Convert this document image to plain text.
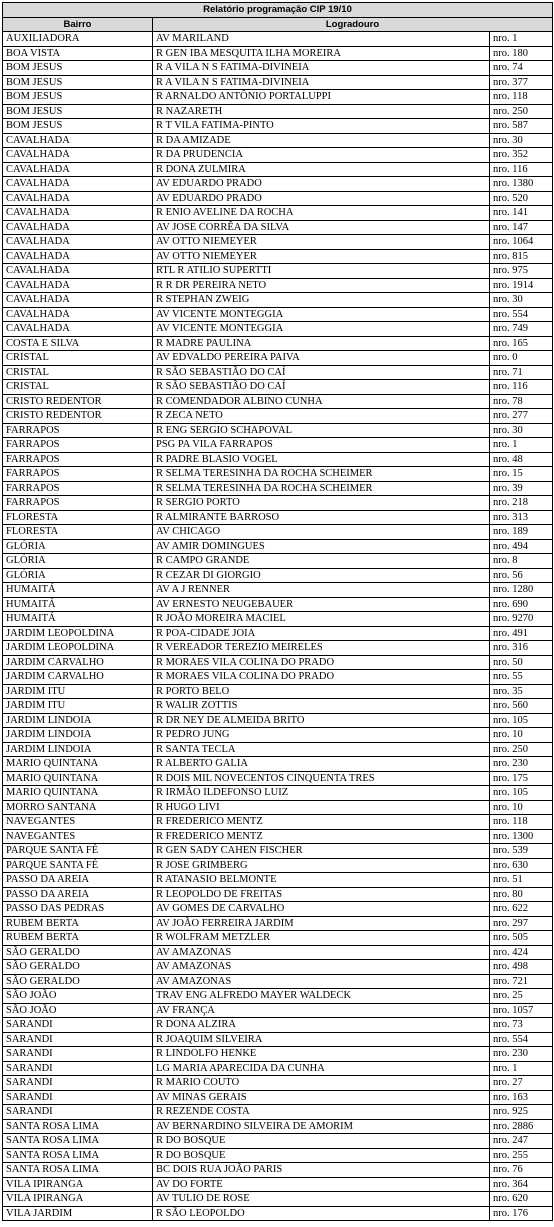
Relatório programação CIP 19/10		
Bairro	Logradouro	
AUXILIADORA	AV MARILAND	nro. 1
BOA VISTA	R GEN IBA MESQUITA ILHA MOREIRA	nro. 180
BOM JESUS	R A VILA N S FATIMA-DIVINEIA	nro. 74
BOM JESUS	R A VILA N S FATIMA-DIVINEIA	nro. 377
BOM JESUS	R ARNALDO ANTÔNIO PORTALUPPI	nro. 118
BOM JESUS	R NAZARETH	nro. 250
BOM JESUS	R T VILA FATIMA-PINTO	nro. 587
CAVALHADA	R DA AMIZADE	nro. 30
CAVALHADA	R DA PRUDENCIA	nro. 352
CAVALHADA	R DONA ZULMIRA	nro. 116
CAVALHADA	AV EDUARDO PRADO	nro. 1380
CAVALHADA	AV EDUARDO PRADO	nro. 520
CAVALHADA	R ENIO AVELINE DA ROCHA	nro. 141
CAVALHADA	AV JOSE CORRÊA DA SILVA	nro. 147
CAVALHADA	AV OTTO NIEMEYER	nro. 1064
CAVALHADA	AV OTTO NIEMEYER	nro. 815
CAVALHADA	RTL R ATILIO SUPERTTI	nro. 975
CAVALHADA	R R DR PEREIRA NETO	nro. 1914
CAVALHADA	R STEPHAN ZWEIG	nro. 30
CAVALHADA	AV VICENTE MONTEGGIA	nro. 554
CAVALHADA	AV VICENTE MONTEGGIA	nro. 749
COSTA E SILVA	R MADRE PAULINA	nro. 165
CRISTAL	AV EDVALDO PEREIRA PAIVA	nro. 0
CRISTAL	R SÃO SEBASTIÃO DO CAÍ	nro. 71
CRISTAL	R SÃO SEBASTIÃO DO CAÍ	nro. 116
CRISTO REDENTOR	R COMENDADOR ALBINO CUNHA	nro. 78
CRISTO REDENTOR	R ZECA NETO	nro. 277
FARRAPOS	R ENG SERGIO SCHAPOVAL	nro. 30
FARRAPOS	PSG PA VILA FARRAPOS	nro. 1
FARRAPOS	R PADRE BLASIO VOGEL	nro. 48
FARRAPOS	R SELMA TERESINHA DA ROCHA SCHEIMER	nro. 15
FARRAPOS	R SELMA TERESINHA DA ROCHA SCHEIMER	nro. 39
FARRAPOS	R SERGIO PORTO	nro. 218
FLORESTA	R ALMIRANTE BARROSO	nro. 313
FLORESTA	AV CHICAGO	nro. 189
GLÓRIA	AV AMIR DOMINGUES	nro. 494
GLÓRIA	R CAMPO GRANDE	nro. 8
GLÓRIA	R CEZAR DI GIORGIO	nro. 56
HUMAITÁ	AV A J RENNER	nro. 1280
HUMAITÁ	AV ERNESTO NEUGEBAUER	nro. 690
HUMAITÁ	R JOÃO MOREIRA MACIEL	nro. 9270
JARDIM LEOPOLDINA	R POA-CIDADE JOIA	nro. 491
JARDIM LEOPOLDINA	R VEREADOR TEREZIO MEIRELES	nro. 316
JARDIM CARVALHO	R MORAES VILA COLINA DO PRADO	nro. 50
JARDIM CARVALHO	R MORAES VILA COLINA DO PRADO	nro. 55
JARDIM ITU	R PORTO BELO	nro. 35
JARDIM ITU	R WALIR ZOTTIS	nro. 560
JARDIM LINDOIA	R DR NEY DE ALMEIDA BRITO	nro. 105
JARDIM LINDOIA	R PEDRO JUNG	nro. 10
JARDIM LINDOIA	R SANTA TECLA	nro. 250
MARIO QUINTANA	R ALBERTO GALIA	nro. 230
MARIO QUINTANA	R DOIS MIL NOVECENTOS CINQUENTA TRES	nro. 175
MARIO QUINTANA	R IRMÃO ILDEFONSO LUIZ	nro. 105
MORRO SANTANA	R HUGO LIVI	nro. 10
NAVEGANTES	R FREDERICO MENTZ	nro. 118
NAVEGANTES	R FREDERICO MENTZ	nro. 1300
PARQUE SANTA FÉ	R GEN SADY CAHEN FISCHER	nro. 539
PARQUE SANTA FÉ	R JOSE GRIMBERG	nro. 630
PASSO DA AREIA	R ATANASIO BELMONTE	nro. 51
PASSO DA AREIA	R LEOPOLDO DE FREITAS	nro. 80
PASSO DAS PEDRAS	AV GOMES DE CARVALHO	nro. 622
RUBEM BERTA	AV JOÃO FERREIRA JARDIM	nro. 297
RUBEM BERTA	R WOLFRAM METZLER	nro. 505
SÃO GERALDO	AV AMAZONAS	nro. 424
SÃO GERALDO	AV AMAZONAS	nro. 498
SÃO GERALDO	AV AMAZONAS	nro. 721
SÃO JOÃO	TRAV ENG ALFREDO MAYER WALDECK	nro. 25
SÃO JOÃO	AV FRANÇA	nro. 1057
SARANDI	R DONA ALZIRA	nro. 73
SARANDI	R JOAQUIM SILVEIRA	nro. 554
SARANDI	R LINDOLFO HENKE	nro. 230
SARANDI	LG MARIA APARECIDA DA CUNHA	nro. 1
SARANDI	R MARIO COUTO	nro. 27
SARANDI	AV MINAS GERAIS	nro. 163
SARANDI	R REZENDE COSTA	nro. 925
SANTA ROSA LIMA	AV BERNARDINO SILVEIRA DE AMORIM	nro. 2886
SANTA ROSA LIMA	R DO BOSQUE	nro. 247
SANTA ROSA LIMA	R DO BOSQUE	nro. 255
SANTA ROSA LIMA	BC DOIS RUA JOÃO PARIS	nro. 76
VILA IPIRANGA	AV DO FORTE	nro. 364
VILA IPIRANGA	AV TULIO DE ROSE	nro. 620
VILA JARDIM	R SÃO LEOPOLDO	nro. 176
